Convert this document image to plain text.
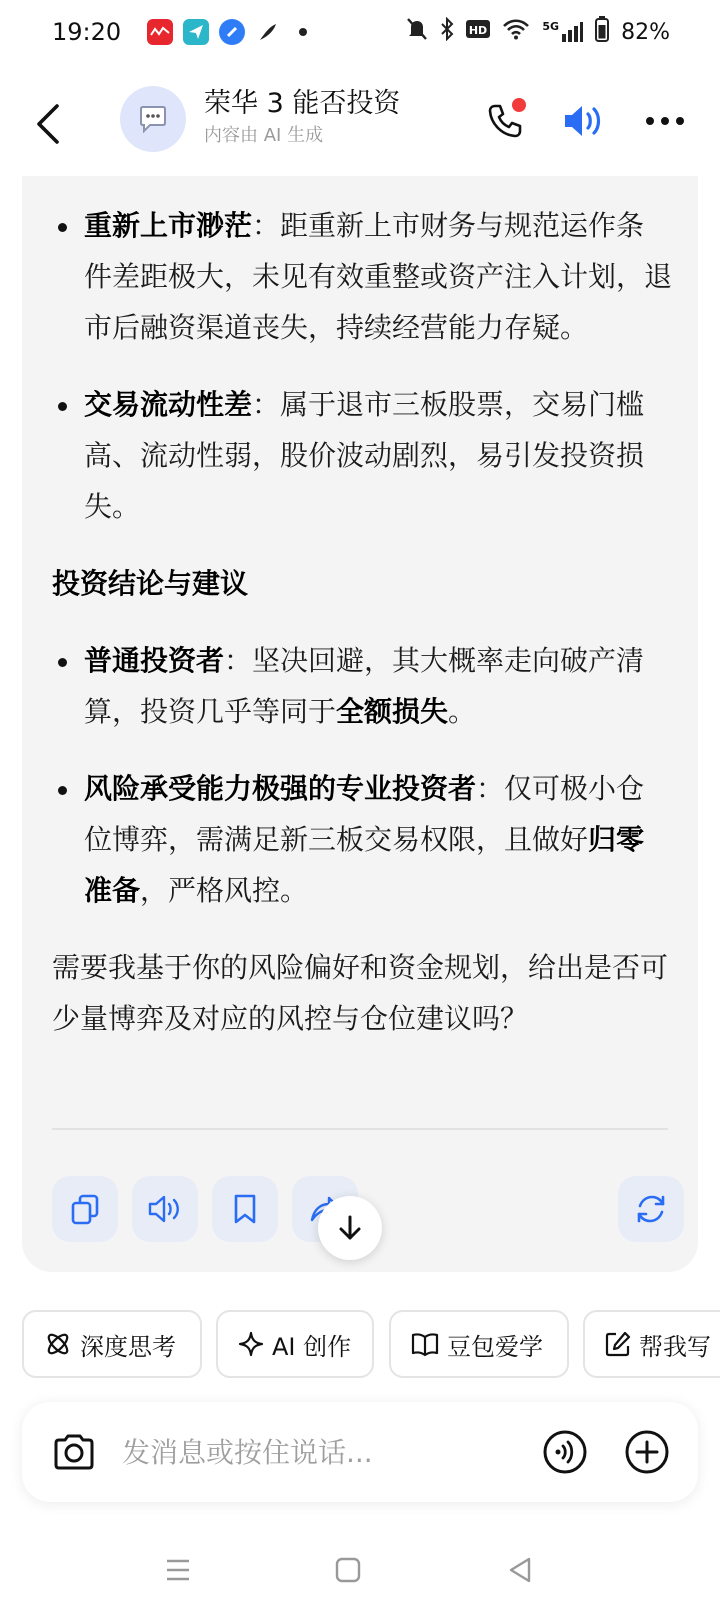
19:20	HD	5G	82%
荣华 3 能否投资
内容由 AI 生成
重新上市渺茫：距重新上市财务与规范运作条件差距极大，未见有效重整或资产注入计划，退市后融资渠道丧失，持续经营能力存疑。
交易流动性差：属于退市三板股票，交易门槛高、流动性弱，股价波动剧烈，易引发投资损失。
投资结论与建议
普通投资者：坚决回避，其大概率走向破产清算，投资几乎等同于全额损失。
风险承受能力极强的专业投资者：仅可极小仓位博弈，需满足新三板交易权限，且做好归零准备，严格风控。
需要我基于你的风险偏好和资金规划，给出是否可少量博弈及对应的风控与仓位建议吗？
深度思考	AI 创作	豆包爱学	帮我写
发消息或按住说话...
